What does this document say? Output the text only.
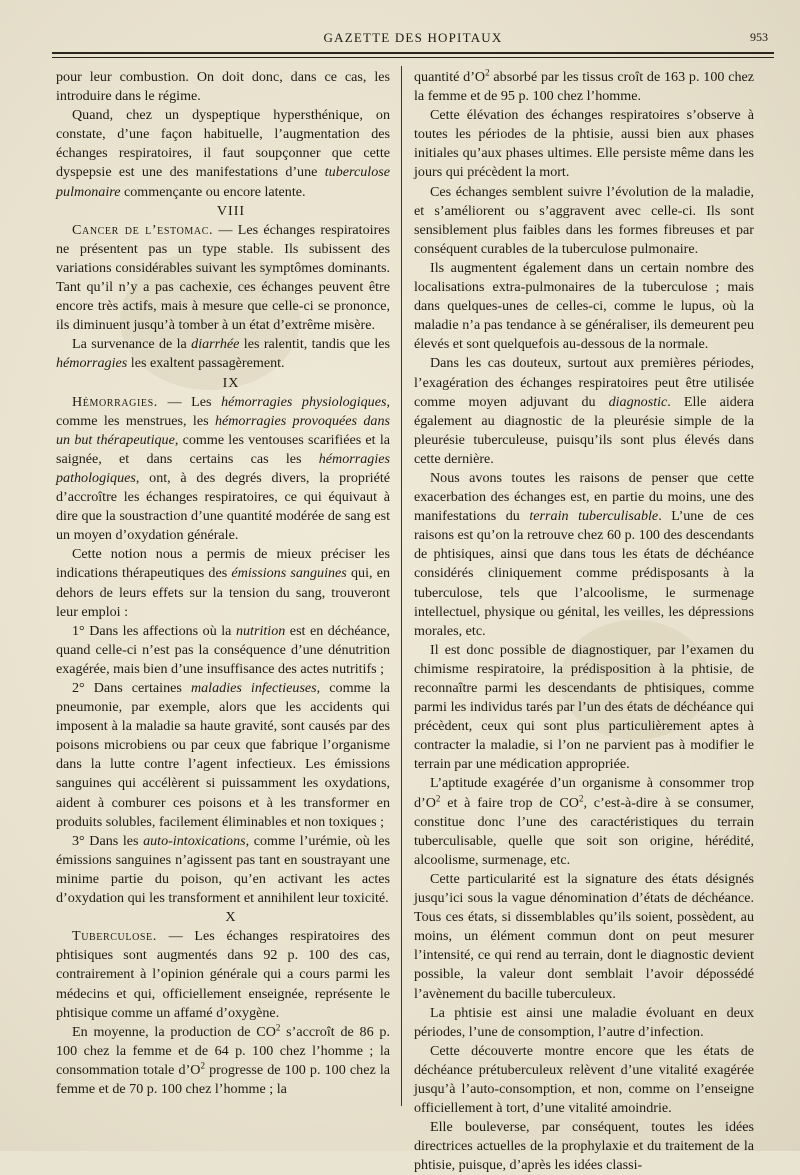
GAZETTE DES HOPITAUX	953

pour leur combustion. On doit donc, dans ce cas, les introduire dans le régime.

Quand, chez un dyspeptique hypersthénique, on constate, d’une façon habituelle, l’augmentation des échanges respiratoires, il faut soupçonner que cette dyspepsie est une des manifestations d’une tuberculose pulmonaire commençante ou encore latente.

VIII

Cancer de l’estomac. — Les échanges respiratoires ne présentent pas un type stable. Ils subissent des variations considérables suivant les symptômes dominants. Tant qu’il n’y a pas cachexie, ces échanges peuvent être encore très actifs, mais à mesure que celle-ci se prononce, ils diminuent jusqu’à tomber à un état d’extrême misère.

La survenance de la diarrhée les ralentit, tandis que les hémorragies les exaltent passagèrement.

IX

Hémorragies. — Les hémorragies physiologiques, comme les menstrues, les hémorragies provoquées dans un but thérapeutique, comme les ventouses scarifiées et la saignée, et dans certains cas les hémorragies pathologiques, ont, à des degrés divers, la propriété d’accroître les échanges respiratoires, ce qui équivaut à dire que la soustraction d’une quantité modérée de sang est un moyen d’oxydation générale.

Cette notion nous a permis de mieux préciser les indications thérapeutiques des émissions sanguines qui, en dehors de leurs effets sur la tension du sang, trouveront leur emploi :

1° Dans les affections où la nutrition est en déchéance, quand celle-ci n’est pas la conséquence d’une dénutrition exagérée, mais bien d’une insuffisance des actes nutritifs ;

2° Dans certaines maladies infectieuses, comme la pneumonie, par exemple, alors que les accidents qui imposent à la maladie sa haute gravité, sont causés par des poisons microbiens ou par ceux que fabrique l’organisme dans la lutte contre l’agent infectieux. Les émissions sanguines qui accélèrent si puissamment les oxydations, aident à comburer ces poisons et à les transformer en produits solubles, facilement éliminables et non toxiques ;

3° Dans les auto-intoxications, comme l’urémie, où les émissions sanguines n’agissent pas tant en soustrayant une minime partie du poison, qu’en activant les actes d’oxydation qui les transforment et annihilent leur toxicité.

X

Tuberculose. — Les échanges respiratoires des phtisiques sont augmentés dans 92 p. 100 des cas, contrairement à l’opinion générale qui a cours parmi les médecins et qui, officiellement enseignée, représente le phtisique comme un affamé d’oxygène.

En moyenne, la production de $CO^2$ s’accroît de 86 p. 100 chez la femme et de 64 p. 100 chez l’homme ; la consommation totale $d’O^2$ progresse de 100 p. 100 chez la femme et de 70 p. 100 chez l’homme ; la

quantité $d’O^2$ absorbé par les tissus croît de 163 p. 100 chez la femme et de 95 p. 100 chez l’homme.

Cette élévation des échanges respiratoires s’observe à toutes les périodes de la phtisie, aussi bien aux phases initiales qu’aux phases ultimes. Elle persiste même dans les jours qui précèdent la mort.

Ces échanges semblent suivre l’évolution de la maladie, et s’améliorent ou s’aggravent avec celle-ci. Ils sont sensiblement plus faibles dans les formes fibreuses et par conséquent curables de la tuberculose pulmonaire.

Ils augmentent également dans un certain nombre des localisations extra-pulmonaires de la tuberculose ; mais dans quelques-unes de celles-ci, comme le lupus, où la maladie n’a pas tendance à se généraliser, ils demeurent peu élevés et sont quelquefois au-dessous de la normale.

Dans les cas douteux, surtout aux premières périodes, l’exagération des échanges respiratoires peut être utilisée comme moyen adjuvant du diagnostic. Elle aidera également au diagnostic de la pleurésie simple de la pleurésie tuberculeuse, puisqu’ils sont plus élevés dans cette dernière.

Nous avons toutes les raisons de penser que cette exacerbation des échanges est, en partie du moins, une des manifestations du terrain tuberculisable. L’une de ces raisons est qu’on la retrouve chez 60 p. 100 des descendants de phtisiques, ainsi que dans tous les états de déchéance considérés cliniquement comme prédisposants à la tuberculose, tels que l’alcoolisme, le surmenage intellectuel, physique ou génital, les veilles, les dépressions morales, etc.

Il est donc possible de diagnostiquer, par l’examen du chimisme respiratoire, la prédisposition à la phtisie, de reconnaître parmi les descendants de phtisiques, comme parmi les individus tarés par l’un des états de déchéance qui précèdent, ceux qui sont plus particulièrement aptes à contracter la maladie, si l’on ne parvient pas à modifier le terrain par une médication appropriée.

L’aptitude exagérée d’un organisme à consommer trop $d’O^2$ et à faire trop de $CO^2$, c’est-à-dire à se consumer, constitue donc l’une des caractéristiques du terrain tuberculisable, quelle que soit son origine, hérédité, alcoolisme, surmenage, etc.

Cette particularité est la signature des états désignés jusqu’ici sous la vague dénomination d’états de déchéance. Tous ces états, si dissemblables qu’ils soient, possèdent, au moins, un élément commun dont on peut mesurer l’intensité, ce qui rend au terrain, dont le diagnostic devient possible, la valeur dont semblait l’avoir dépossédé l’avènement du bacille tuberculeux.

La phtisie est ainsi une maladie évoluant en deux périodes, l’une de consomption, l’autre d’infection.

Cette découverte montre encore que les états de déchéance prétuberculeux relèvent d’une vitalité exagérée jusqu’à l’auto-consomption, et non, comme on l’enseigne officiellement à tort, d’une vitalité amoindrie.

Elle bouleverse, par conséquent, toutes les idées directrices actuelles de la prophylaxie et du traitement de la phtisie, puisque, d’après les idées classi-
